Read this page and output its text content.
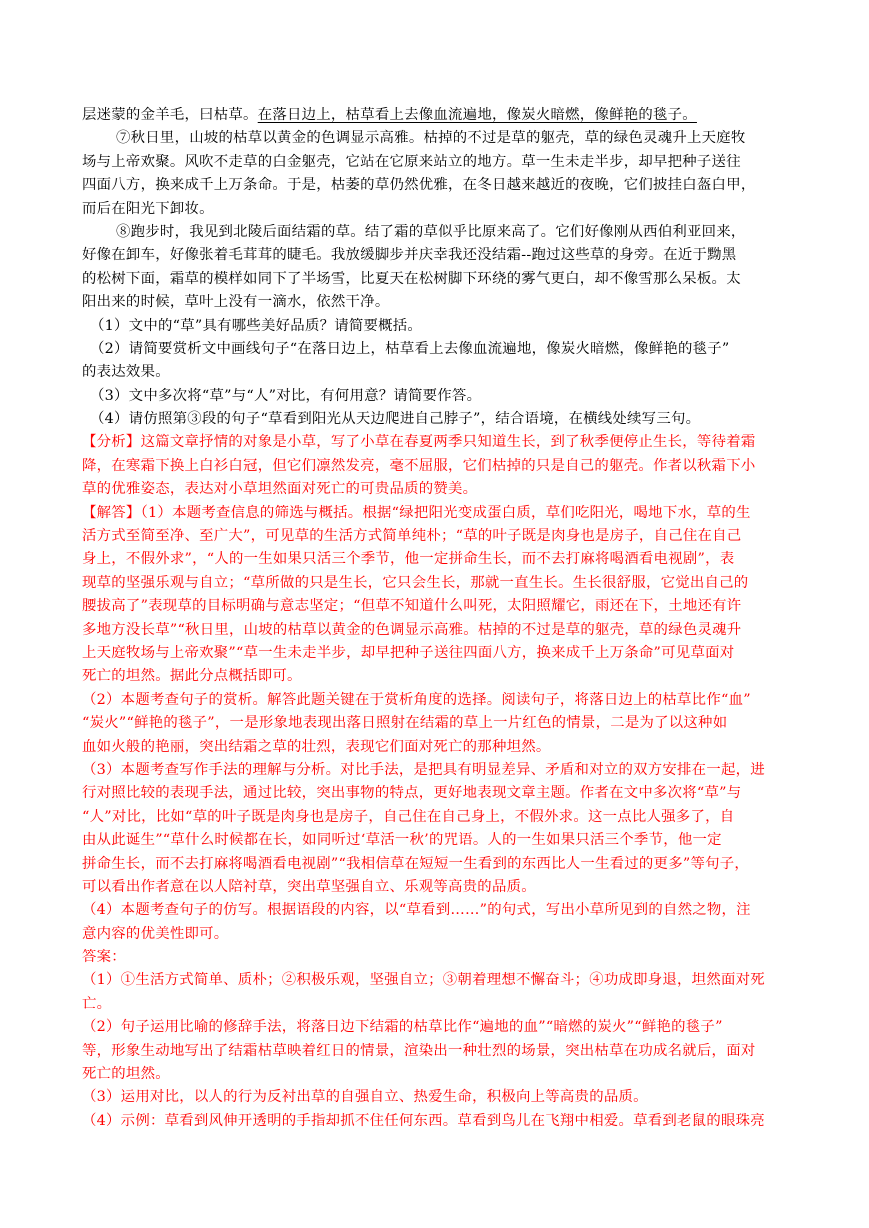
层迷蒙的金羊毛，曰枯草。在落日边上，枯草看上去像血流遍地，像炭火暗燃，像鲜艳的毯子。
⑦秋日里，山坡的枯草以黄金的色调显示高雅。枯掉的不过是草的躯壳，草的绿色灵魂升上天庭牧
场与上帝欢聚。风吹不走草的白金躯壳，它站在它原来站立的地方。草一生未走半步，却早把种子送往
四面八方，换来成千上万条命。于是，枯萎的草仍然优雅，在冬日越来越近的夜晚，它们披挂白盔白甲，
而后在阳光下卸妆。
⑧跑步时，我见到北陵后面结霜的草。结了霜的草似乎比原来高了。它们好像刚从西伯利亚回来，
好像在卸车，好像张着毛茸茸的睫毛。我放缓脚步并庆幸我还没结霜--跑过这些草的身旁。在近于黝黑
的松树下面，霜草的模样如同下了半场雪，比夏天在松树脚下环绕的雾气更白，却不像雪那么呆板。太
阳出来的时候，草叶上没有一滴水，依然干净。
（1）文中的“草”具有哪些美好品质？请简要概括。
（2）请简要赏析文中画线句子“在落日边上，枯草看上去像血流遍地，像炭火暗燃，像鲜艳的毯子”
的表达效果。
（3）文中多次将“草”与“人”对比，有何用意？请简要作答。
（4）请仿照第③段的句子“草看到阳光从天边爬进自己脖子”，结合语境，在横线处续写三句。
【分析】这篇文章抒情的对象是小草，写了小草在春夏两季只知道生长，到了秋季便停止生长，等待着霜
降，在寒霜下换上白衫白冠，但它们凛然发亮，毫不屈服，它们枯掉的只是自己的躯壳。作者以秋霜下小
草的优雅姿态，表达对小草坦然面对死亡的可贵品质的赞美。
【解答】（1）本题考查信息的筛选与概括。根据“绿把阳光变成蛋白质，草们吃阳光，喝地下水，草的生
活方式至简至净、至广大”，可见草的生活方式简单纯朴；“草的叶子既是肉身也是房子，自己住在自己
身上，不假外求”，“人的一生如果只活三个季节，他一定拼命生长，而不去打麻将喝酒看电视剧”，表
现草的坚强乐观与自立；“草所做的只是生长，它只会生长，那就一直生长。生长很舒服，它觉出自己的
腰拔高了”表现草的目标明确与意志坚定；“但草不知道什么叫死，太阳照耀它，雨还在下，土地还有许
多地方没长草”“秋日里，山坡的枯草以黄金的色调显示高雅。枯掉的不过是草的躯壳，草的绿色灵魂升
上天庭牧场与上帝欢聚”“草一生未走半步，却早把种子送往四面八方，换来成千上万条命”可见草面对
死亡的坦然。据此分点概括即可。
（2）本题考查句子的赏析。解答此题关键在于赏析角度的选择。阅读句子，将落日边上的枯草比作“血”
“炭火”“鲜艳的毯子”，一是形象地表现出落日照射在结霜的草上一片红色的情景，二是为了以这种如
血如火般的艳丽，突出结霜之草的壮烈，表现它们面对死亡的那种坦然。
（3）本题考查写作手法的理解与分析。对比手法，是把具有明显差异、矛盾和对立的双方安排在一起，进
行对照比较的表现手法，通过比较，突出事物的特点，更好地表现文章主题。作者在文中多次将“草”与
“人”对比，比如“草的叶子既是肉身也是房子，自己住在自己身上，不假外求。这一点比人强多了，自
由从此诞生”“草什么时候都在长，如同听过‘草活一秋’的咒语。人的一生如果只活三个季节，他一定
拼命生长，而不去打麻将喝酒看电视剧”“我相信草在短短一生看到的东西比人一生看过的更多”等句子，
可以看出作者意在以人陪衬草，突出草坚强自立、乐观等高贵的品质。
（4）本题考查句子的仿写。根据语段的内容，以“草看到……”的句式，写出小草所见到的自然之物，注
意内容的优美性即可。
答案：
（1）①生活方式简单、质朴；②积极乐观，坚强自立；③朝着理想不懈奋斗；④功成即身退，坦然面对死
亡。
（2）句子运用比喻的修辞手法，将落日边下结霜的枯草比作“遍地的血”“暗燃的炭火”“鲜艳的毯子”
等，形象生动地写出了结霜枯草映着红日的情景，渲染出一种壮烈的场景，突出枯草在功成名就后，面对
死亡的坦然。
（3）运用对比，以人的行为反衬出草的自强自立、热爱生命，积极向上等高贵的品质。
（4）示例：草看到风伸开透明的手指却抓不住任何东西。草看到鸟儿在飞翔中相爱。草看到老鼠的眼珠亮
